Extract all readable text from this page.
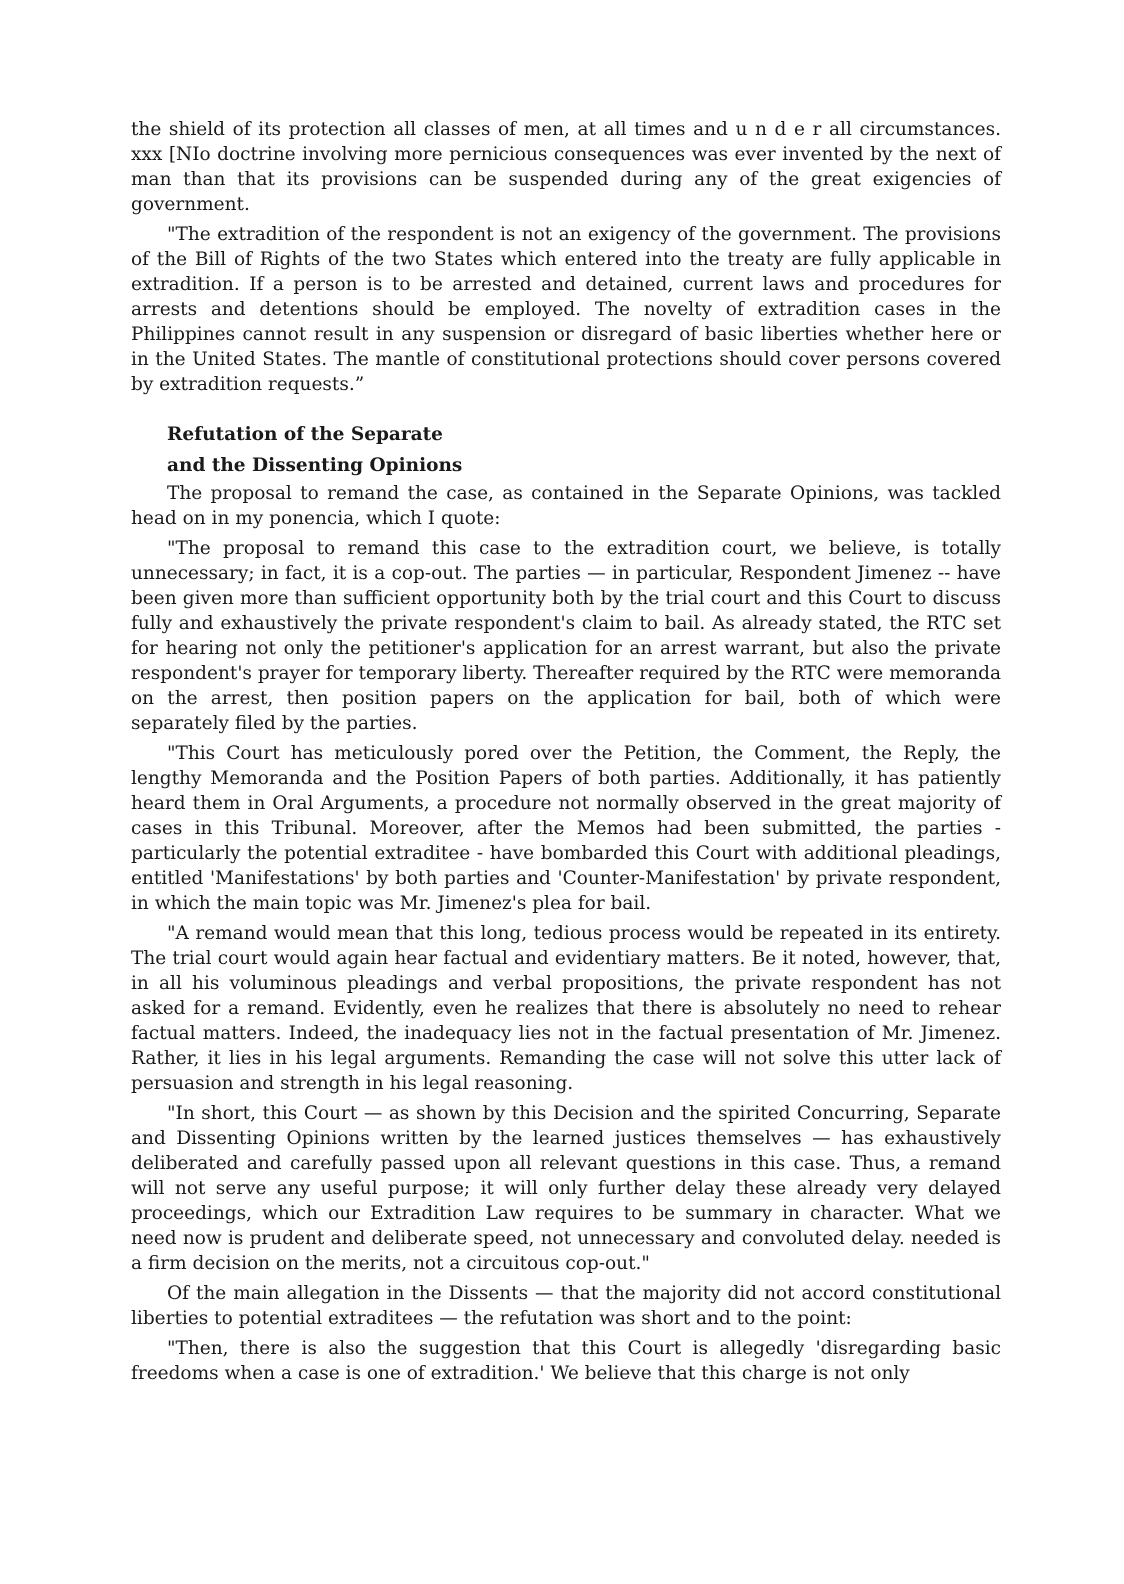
the shield of its protection all classes of men, at all times and u n d e r all circumstances. xxx [NIo doctrine involving more pernicious consequences was ever invented by the next of man than that its provisions can be suspended during any of the great exigencies of government.

"The extradition of the respondent is not an exigency of the government. The provisions of the Bill of Rights of the two States which entered into the treaty are fully applicable in extradition. If a person is to be arrested and detained, current laws and procedures for arrests and detentions should be employed. The novelty of extradition cases in the Philippines cannot result in any suspension or disregard of basic liberties whether here or in the United States. The mantle of constitutional protections should cover persons covered by extradition requests.”

Refutation of the Separate

and the Dissenting Opinions

The proposal to remand the case, as contained in the Separate Opinions, was tackled head on in my ponencia, which I quote:

"The proposal to remand this case to the extradition court, we believe, is totally unnecessary; in fact, it is a cop-out. The parties — in particular, Respondent Jimenez -- have been given more than sufficient opportunity both by the trial court and this Court to discuss fully and exhaustively the private respondent's claim to bail. As already stated, the RTC set for hearing not only the petitioner's application for an arrest warrant, but also the private respondent's prayer for temporary liberty. Thereafter required by the RTC were memoranda on the arrest, then position papers on the application for bail, both of which were separately filed by the parties.

"This Court has meticulously pored over the Petition, the Comment, the Reply, the lengthy Memoranda and the Position Papers of both parties. Additionally, it has patiently heard them in Oral Arguments, a procedure not normally observed in the great majority of cases in this Tribunal. Moreover, after the Memos had been submitted, the parties - particularly the potential extraditee - have bombarded this Court with additional pleadings, entitled 'Manifestations' by both parties and 'Counter-Manifestation' by private respondent, in which the main topic was Mr. Jimenez's plea for bail.

"A remand would mean that this long, tedious process would be repeated in its entirety. The trial court would again hear factual and evidentiary matters. Be it noted, however, that, in all his voluminous pleadings and verbal propositions, the private respondent has not asked for a remand. Evidently, even he realizes that there is absolutely no need to rehear factual matters. Indeed, the inadequacy lies not in the factual presentation of Mr. Jimenez. Rather, it lies in his legal arguments. Remanding the case will not solve this utter lack of persuasion and strength in his legal reasoning.

"In short, this Court — as shown by this Decision and the spirited Concurring, Separate and Dissenting Opinions written by the learned justices themselves — has exhaustively deliberated and carefully passed upon all relevant questions in this case. Thus, a remand will not serve any useful purpose; it will only further delay these already very delayed proceedings, which our Extradition Law requires to be summary in character. What we need now is prudent and deliberate speed, not unnecessary and convoluted delay. needed is a firm decision on the merits, not a circuitous cop-out."

Of the main allegation in the Dissents — that the majority did not accord constitutional liberties to potential extraditees — the refutation was short and to the point:

"Then, there is also the suggestion that this Court is allegedly 'disregarding basic freedoms when a case is one of extradition.' We believe that this charge is not only
